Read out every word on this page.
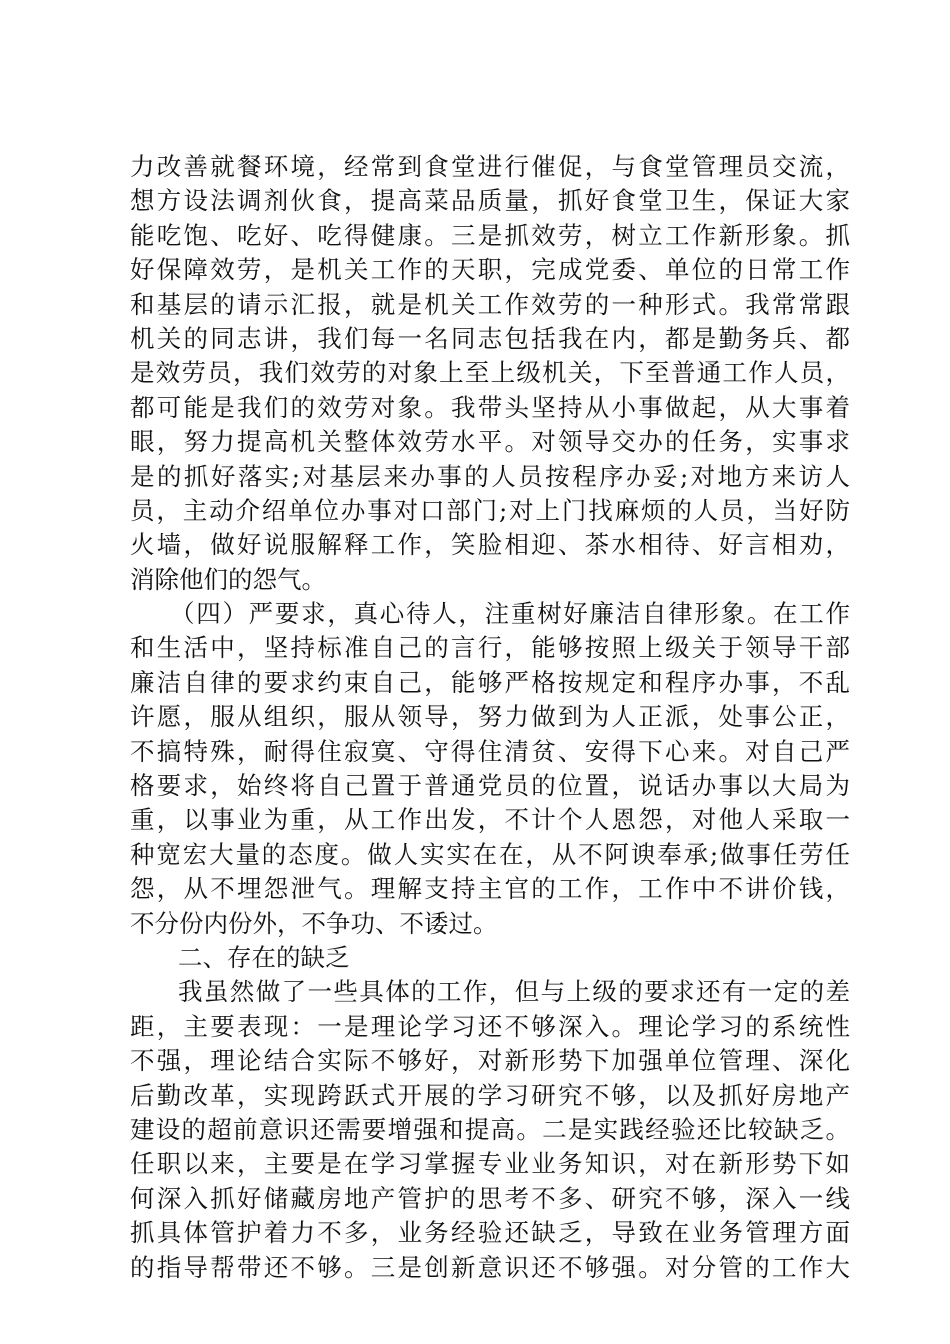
力改善就餐环境，经常到食堂进行催促，与食堂管理员交流，
想方设法调剂伙食，提高菜品质量，抓好食堂卫生，保证大家
能吃饱、吃好、吃得健康。三是抓效劳，树立工作新形象。抓
好保障效劳，是机关工作的天职，完成党委、单位的日常工作
和基层的请示汇报，就是机关工作效劳的一种形式。我常常跟
机关的同志讲，我们每一名同志包括我在内，都是勤务兵、都
是效劳员，我们效劳的对象上至上级机关，下至普通工作人员，
都可能是我们的效劳对象。我带头坚持从小事做起，从大事着
眼，努力提高机关整体效劳水平。对领导交办的任务，实事求
是的抓好落实;对基层来办事的人员按程序办妥;对地方来访人
员，主动介绍单位办事对口部门;对上门找麻烦的人员，当好防
火墙，做好说服解释工作，笑脸相迎、茶水相待、好言相劝，
消除他们的怨气。
（四）严要求，真心待人，注重树好廉洁自律形象。在工作
和生活中，坚持标准自己的言行，能够按照上级关于领导干部
廉洁自律的要求约束自己，能够严格按规定和程序办事，不乱
许愿，服从组织，服从领导，努力做到为人正派，处事公正，
不搞特殊，耐得住寂寞、守得住清贫、安得下心来。对自己严
格要求，始终将自己置于普通党员的位置，说话办事以大局为
重，以事业为重，从工作出发，不计个人恩怨，对他人采取一
种宽宏大量的态度。做人实实在在，从不阿谀奉承;做事任劳任
怨，从不埋怨泄气。理解支持主官的工作，工作中不讲价钱，
不分份内份外，不争功、不诿过。
二、存在的缺乏
我虽然做了一些具体的工作，但与上级的要求还有一定的差
距，主要表现：一是理论学习还不够深入。理论学习的系统性
不强，理论结合实际不够好，对新形势下加强单位管理、深化
后勤改革，实现跨跃式开展的学习研究不够，以及抓好房地产
建设的超前意识还需要增强和提高。二是实践经验还比较缺乏。
任职以来，主要是在学习掌握专业业务知识，对在新形势下如
何深入抓好储藏房地产管护的思考不多、研究不够，深入一线
抓具体管护着力不多，业务经验还缺乏，导致在业务管理方面
的指导帮带还不够。三是创新意识还不够强。对分管的工作大
